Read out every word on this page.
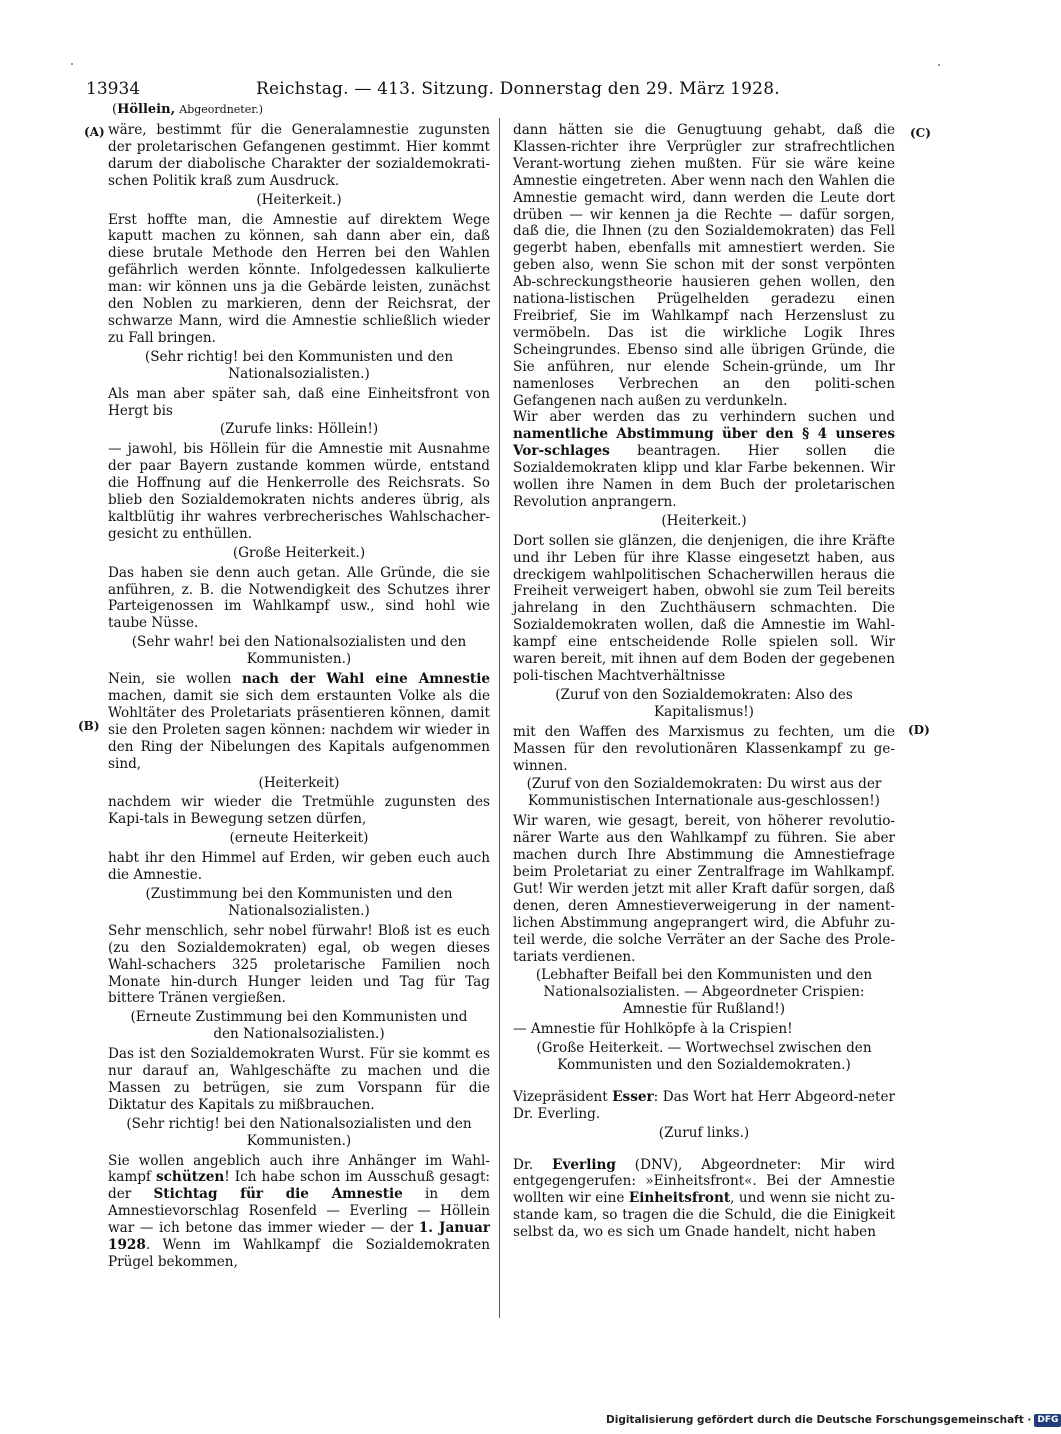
13934	Reichstag. — 413. Sitzung. Donnerstag den 29. März 1928.
(Höllein, Abgeordneter.)
(A)
(B)
(C)
(D)

wäre, bestimmt für die Generalamnestie zugunsten der proletarischen Gefangenen gestimmt. Hier kommt darum der diabolische Charakter der sozialdemokrati-schen Politik kraß zum Ausdruck.

(Heiterkeit.)

Erst hoffte man, die Amnestie auf direktem Wege kaputt machen zu können, sah dann aber ein, daß diese brutale Methode den Herren bei den Wahlen gefährlich werden könnte. Infolgedessen kalkulierte man: wir können uns ja die Gebärde leisten, zunächst den Noblen zu markieren, denn der Reichsrat, der schwarze Mann, wird die Amnestie schließlich wieder zu Fall bringen.

(Sehr richtig! bei den Kommunisten und den Nationalsozialisten.)

Als man aber später sah, daß eine Einheitsfront von Hergt bis

(Zurufe links: Höllein!)

— jawohl, bis Höllein für die Amnestie mit Ausnahme der paar Bayern zustande kommen würde, entstand die Hoffnung auf die Henkerrolle des Reichsrats. So blieb den Sozialdemokraten nichts anderes übrig, als kaltblütig ihr wahres verbrecherisches Wahlschacher-gesicht zu enthüllen.

(Große Heiterkeit.)

Das haben sie denn auch getan. Alle Gründe, die sie anführen, z. B. die Notwendigkeit des Schutzes ihrer Parteigenossen im Wahlkampf usw., sind hohl wie taube Nüsse.

(Sehr wahr! bei den Nationalsozialisten und den Kommunisten.)

Nein, sie wollen nach der Wahl eine Amnestie machen, damit sie sich dem erstaunten Volke als die Wohltäter des Proletariats präsentieren können, damit sie den Proleten sagen können: nachdem wir wieder in den Ring der Nibelungen des Kapitals aufgenommen sind,

(Heiterkeit)

nachdem wir wieder die Tretmühle zugunsten des Kapi-tals in Bewegung setzen dürfen,

(erneute Heiterkeit)

habt ihr den Himmel auf Erden, wir geben euch auch die Amnestie.

(Zustimmung bei den Kommunisten und den Nationalsozialisten.)

Sehr menschlich, sehr nobel fürwahr! Bloß ist es euch (zu den Sozialdemokraten) egal, ob wegen dieses Wahl-schachers 325 proletarische Familien noch Monate hin-durch Hunger leiden und Tag für Tag bittere Tränen vergießen.

(Erneute Zustimmung bei den Kommunisten und den Nationalsozialisten.)

Das ist den Sozialdemokraten Wurst. Für sie kommt es nur darauf an, Wahlgeschäfte zu machen und die Massen zu betrügen, sie zum Vorspann für die Diktatur des Kapitals zu mißbrauchen.

(Sehr richtig! bei den Nationalsozialisten und den Kommunisten.)

Sie wollen angeblich auch ihre Anhänger im Wahl-kampf schützen! Ich habe schon im Ausschuß gesagt: der Stichtag für die Amnestie in dem Amnestievorschlag Rosenfeld — Everling — Höllein war — ich betone das immer wieder — der 1. Januar 1928. Wenn im Wahlkampf die Sozialdemokraten Prügel bekommen,

dann hätten sie die Genugtuung gehabt, daß die Klassen-richter ihre Verprügler zur strafrechtlichen Verant-wortung ziehen mußten. Für sie wäre keine Amnestie eingetreten. Aber wenn nach den Wahlen die Amnestie gemacht wird, dann werden die Leute dort drüben — wir kennen ja die Rechte — dafür sorgen, daß die, die Ihnen (zu den Sozialdemokraten) das Fell gegerbt haben, ebenfalls mit amnestiert werden. Sie geben also, wenn Sie schon mit der sonst verpönten Ab-schreckungstheorie hausieren gehen wollen, den nationa-listischen Prügelhelden geradezu einen Freibrief, Sie im Wahlkampf nach Herzenslust zu vermöbeln. Das ist die wirkliche Logik Ihres Scheingrundes. Ebenso sind alle übrigen Gründe, die Sie anführen, nur elende Schein-gründe, um Ihr namenloses Verbrechen an den politi-schen Gefangenen nach außen zu verdunkeln.

Wir aber werden das zu verhindern suchen und namentliche Abstimmung über den § 4 unseres Vor-schlages beantragen. Hier sollen die Sozialdemokraten klipp und klar Farbe bekennen. Wir wollen ihre Namen in dem Buch der proletarischen Revolution anprangern.

(Heiterkeit.)

Dort sollen sie glänzen, die denjenigen, die ihre Kräfte und ihr Leben für ihre Klasse eingesetzt haben, aus dreckigem wahlpolitischen Schacherwillen heraus die Freiheit verweigert haben, obwohl sie zum Teil bereits jahrelang in den Zuchthäusern schmachten. Die Sozialdemokraten wollen, daß die Amnestie im Wahl-kampf eine entscheidende Rolle spielen soll. Wir waren bereit, mit ihnen auf dem Boden der gegebenen poli-tischen Machtverhältnisse

(Zuruf von den Sozialdemokraten: Also des Kapitalismus!)

mit den Waffen des Marxismus zu fechten, um die Massen für den revolutionären Klassenkampf zu ge-winnen.

(Zuruf von den Sozialdemokraten: Du wirst aus der Kommunistischen Internationale aus-geschlossen!)

Wir waren, wie gesagt, bereit, von höherer revolutio-närer Warte aus den Wahlkampf zu führen. Sie aber machen durch Ihre Abstimmung die Amnestiefrage beim Proletariat zu einer Zentralfrage im Wahlkampf. Gut! Wir werden jetzt mit aller Kraft dafür sorgen, daß denen, deren Amnestieverweigerung in der nament-lichen Abstimmung angeprangert wird, die Abfuhr zu-teil werde, die solche Verräter an der Sache des Prole-tariats verdienen.

(Lebhafter Beifall bei den Kommunisten und den Nationalsozialisten. — Abgeordneter Crispien: Amnestie für Rußland!)

— Amnestie für Hohlköpfe à la Crispien!

(Große Heiterkeit. — Wortwechsel zwischen den Kommunisten und den Sozialdemokraten.)

Vizepräsident Esser: Das Wort hat Herr Abgeord-neter Dr. Everling.

(Zuruf links.)

Dr. Everling (DNV), Abgeordneter: Mir wird entgegengerufen: »Einheitsfront«. Bei der Amnestie wollten wir eine Einheitsfront, und wenn sie nicht zu-stande kam, so tragen die die Schuld, die die Einigkeit selbst da, wo es sich um Gnade handelt, nicht haben

Digitalisierung gefördert durch die Deutsche Forschungsgemeinschaft · DFG
